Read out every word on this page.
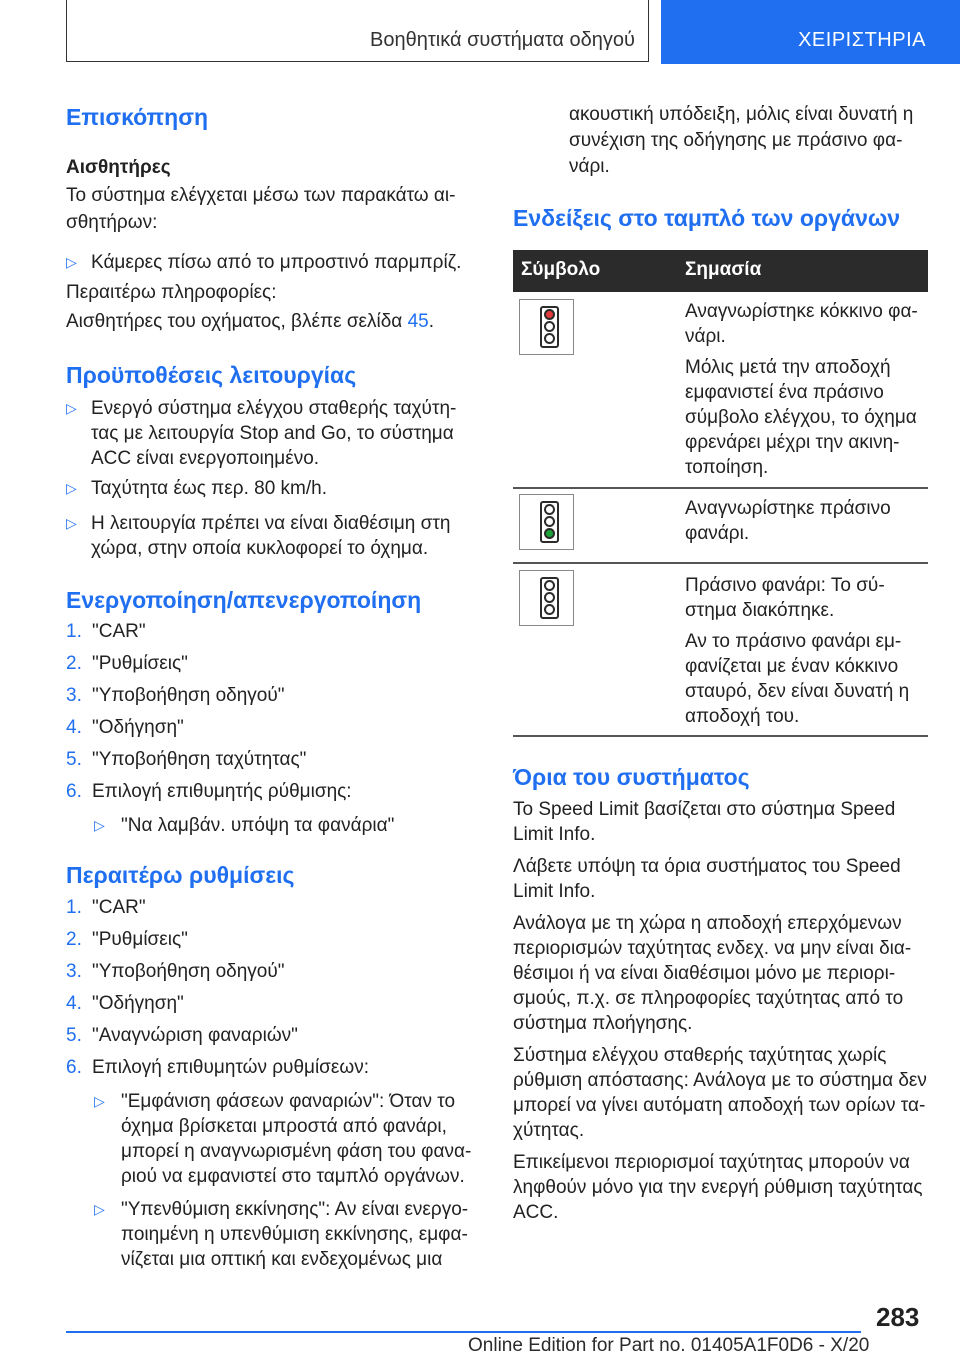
Βοηθητικά συστήματα οδηγού	ΧΕΙΡΙΣΤΗΡΙΑ
Επισκόπηση
Αισθητήρες
Το σύστημα ελέγχεται μέσω των παρακάτω αι-
σθητήρων:
▷ Κάμερες πίσω από το μπροστινό παρμπρίζ.
Περαιτέρω πληροφορίες:
Αισθητήρες του οχήματος, βλέπε σελίδα 45.
Προϋποθέσεις λειτουργίας
▷ Ενεργό σύστημα ελέγχου σταθερής ταχύτη-
τας με λειτουργία Stop and Go, το σύστημα
ACC είναι ενεργοποιημένο.
▷ Ταχύτητα έως περ. 80 km/h.
▷ Η λειτουργία πρέπει να είναι διαθέσιμη στη
χώρα, στην οποία κυκλοφορεί το όχημα.
Ενεργοποίηση/απενεργοποίηση
1. "CAR"
2. "Ρυθμίσεις"
3. "Υποβοήθηση οδηγού"
4. "Οδήγηση"
5. "Υποβοήθηση ταχύτητας"
6. Επιλογή επιθυμητής ρύθμισης:
▷ "Να λαμβάν. υπόψη τα φανάρια"
Περαιτέρω ρυθμίσεις
1. "CAR"
2. "Ρυθμίσεις"
3. "Υποβοήθηση οδηγού"
4. "Οδήγηση"
5. "Αναγνώριση φαναριών"
6. Επιλογή επιθυμητών ρυθμίσεων:
▷ "Εμφάνιση φάσεων φαναριών": Όταν το
όχημα βρίσκεται μπροστά από φανάρι,
μπορεί η αναγνωρισμένη φάση του φανα-
ριού να εμφανιστεί στο ταμπλό οργάνων.
▷ "Υπενθύμιση εκκίνησης": Αν είναι ενεργο-
ποιημένη η υπενθύμιση εκκίνησης, εμφα-
νίζεται μια οπτική και ενδεχομένως μια
ακουστική υπόδειξη, μόλις είναι δυνατή η
συνέχιση της οδήγησης με πράσινο φα-
νάρι.
Ενδείξεις στο ταμπλό των οργάνων
Σύμβολο	Σημασία
Αναγνωρίστηκε κόκκινο φα-
νάρι.
Μόλις μετά την αποδοχή
εμφανιστεί ένα πράσινο
σύμβολο ελέγχου, το όχημα
φρενάρει μέχρι την ακινη-
τοποίηση.
Αναγνωρίστηκε πράσινο
φανάρι.
Πράσινο φανάρι: Το σύ-
στημα διακόπηκε.
Αν το πράσινο φανάρι εμ-
φανίζεται με έναν κόκκινο
σταυρό, δεν είναι δυνατή η
αποδοχή του.
Όρια του συστήματος
Το Speed Limit βασίζεται στο σύστημα Speed
Limit Info.
Λάβετε υπόψη τα όρια συστήματος του Speed
Limit Info.
Ανάλογα με τη χώρα η αποδοχή επερχόμενων
περιορισμών ταχύτητας ενδεχ. να μην είναι δια-
θέσιμοι ή να είναι διαθέσιμοι μόνο με περιορι-
σμούς, π.χ. σε πληροφορίες ταχύτητας από το
σύστημα πλοήγησης.
Σύστημα ελέγχου σταθερής ταχύτητας χωρίς
ρύθμιση απόστασης: Ανάλογα με το σύστημα δεν
μπορεί να γίνει αυτόματη αποδοχή των ορίων τα-
χύτητας.
Επικείμενοι περιορισμοί ταχύτητας μπορούν να
ληφθούν μόνο για την ενεργή ρύθμιση ταχύτητας
ACC.
283
Online Edition for Part no. 01405A1F0D6 - X/20
